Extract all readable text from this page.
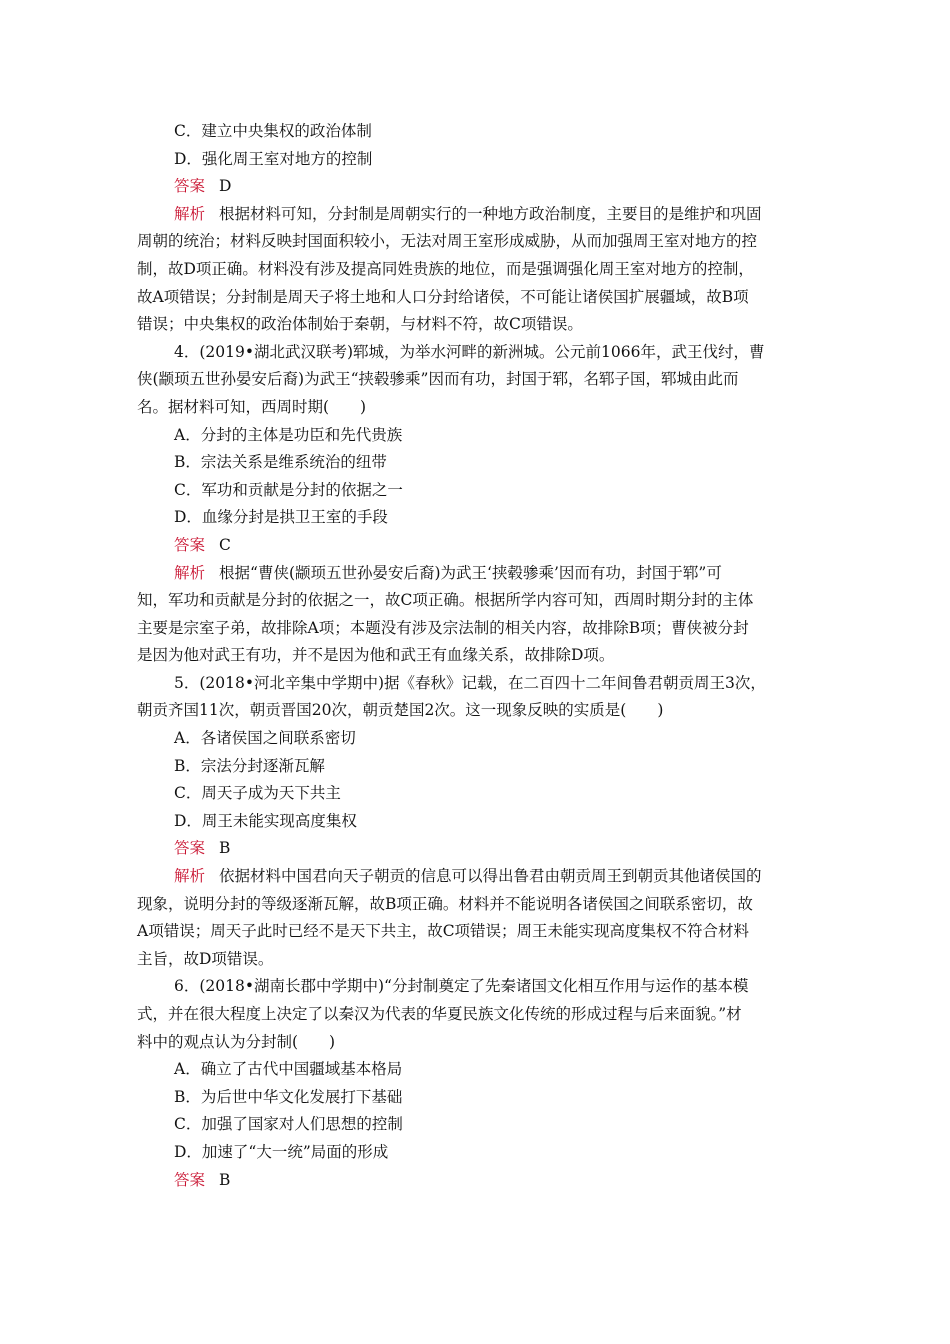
C．建立中央集权的政治体制
D．强化周王室对地方的控制
答案 D
解析 根据材料可知，分封制是周朝实行的一种地方政治制度，主要目的是维护和巩固
周朝的统治；材料反映封国面积较小，无法对周王室形成威胁，从而加强周王室对地方的控
制，故D项正确。材料没有涉及提高同姓贵族的地位，而是强调强化周王室对地方的控制，
故A项错误；分封制是周天子将土地和人口分封给诸侯，不可能让诸侯国扩展疆域，故B项
错误；中央集权的政治体制始于秦朝，与材料不符，故C项错误。
4．(2019•湖北武汉联考)郓城，为举水河畔的新洲城。公元前1066年，武王伐纣，曹
侠(颛顼五世孙晏安后裔)为武王“挟毂骖乘”因而有功，封国于郓，名郓子国，郓城由此而
名。据材料可知，西周时期(　　)
A．分封的主体是功臣和先代贵族
B．宗法关系是维系统治的纽带
C．军功和贡献是分封的依据之一
D．血缘分封是拱卫王室的手段
答案 C
解析 根据“曹侠(颛顼五世孙晏安后裔)为武王‘挟毂骖乘’因而有功，封国于郓”可
知，军功和贡献是分封的依据之一，故C项正确。根据所学内容可知，西周时期分封的主体
主要是宗室子弟，故排除A项；本题没有涉及宗法制的相关内容，故排除B项；曹侠被分封
是因为他对武王有功，并不是因为他和武王有血缘关系，故排除D项。
5．(2018•河北辛集中学期中)据《春秋》记载，在二百四十二年间鲁君朝贡周王3次，
朝贡齐国11次，朝贡晋国20次，朝贡楚国2次。这一现象反映的实质是(　　)
A．各诸侯国之间联系密切
B．宗法分封逐渐瓦解
C．周天子成为天下共主
D．周王未能实现高度集权
答案 B
解析 依据材料中国君向天子朝贡的信息可以得出鲁君由朝贡周王到朝贡其他诸侯国的
现象，说明分封的等级逐渐瓦解，故B项正确。材料并不能说明各诸侯国之间联系密切，故
A项错误；周天子此时已经不是天下共主，故C项错误；周王未能实现高度集权不符合材料
主旨，故D项错误。
6．(2018•湖南长郡中学期中)“分封制奠定了先秦诸国文化相互作用与运作的基本模
式，并在很大程度上决定了以秦汉为代表的华夏民族文化传统的形成过程与后来面貌。”材
料中的观点认为分封制(　　)
A．确立了古代中国疆域基本格局
B．为后世中华文化发展打下基础
C．加强了国家对人们思想的控制
D．加速了“大一统”局面的形成
答案 B
